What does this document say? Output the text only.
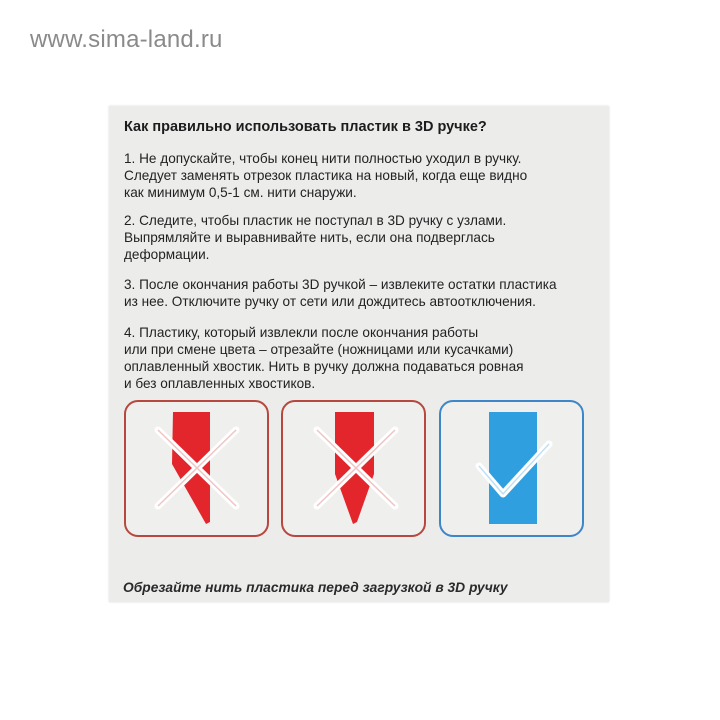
www.sima-land.ru
Как правильно использовать пластик в 3D ручке?
1. Не допускайте, чтобы конец нити полностью уходил в ручку.
Следует заменять отрезок пластика на новый, когда еще видно
как минимум 0,5-1 см. нити снаружи.
2. Следите, чтобы пластик не поступал в 3D ручку с узлами.
Выпрямляйте и выравнивайте нить, если она подверглась
деформации.
3. После окончания работы 3D ручкой – извлеките остатки пластика
из нее. Отключите ручку от сети или дождитесь автоотключения.
4. Пластику, который извлекли после окончания работы
или при смене цвета – отрезайте (ножницами или кусачками)
оплавленный хвостик. Нить в ручку должна подаваться ровная
и без оплавленных хвостиков.
Обрезайте нить пластика перед загрузкой в 3D ручку
